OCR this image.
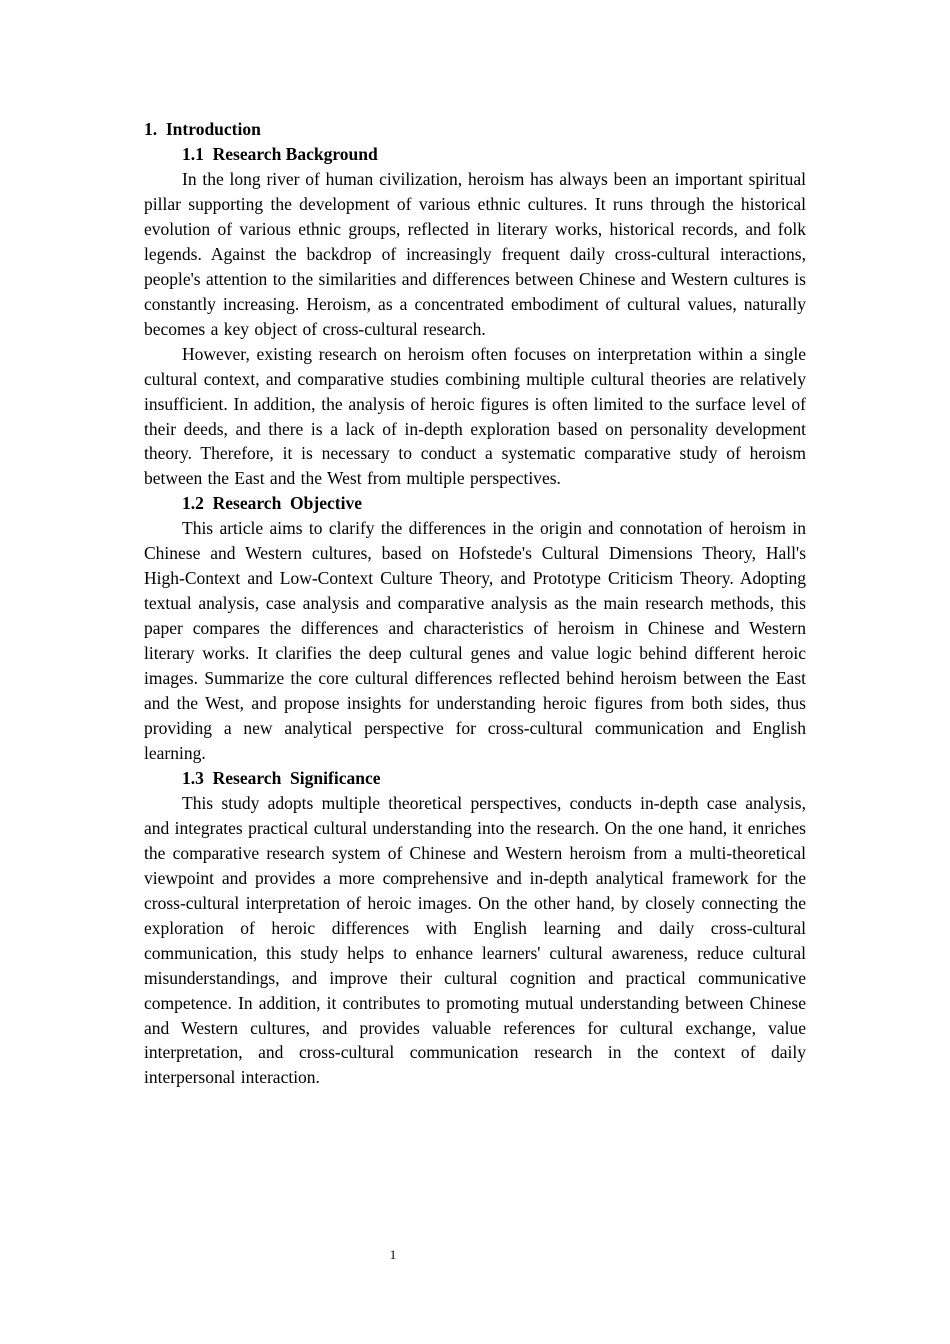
1.  Introduction

1.1  Research Background

In the long river of human civilization, heroism has always been an important spiritual pillar supporting the development of various ethnic cultures. It runs through the historical evolution of various ethnic groups, reflected in literary works, historical records, and folk legends. Against the backdrop of increasingly frequent daily cross-cultural interactions, people's attention to the similarities and differences between Chinese and Western cultures is constantly increasing. Heroism, as a concentrated embodiment of cultural values, naturally becomes a key object of cross-cultural research.

However, existing research on heroism often focuses on interpretation within a single cultural context, and comparative studies combining multiple cultural theories are relatively insufficient. In addition, the analysis of heroic figures is often limited to the surface level of their deeds, and there is a lack of in-depth exploration based on personality development theory. Therefore, it is necessary to conduct a systematic comparative study of heroism between the East and the West from multiple perspectives.

1.2  Research  Objective

This article aims to clarify the differences in the origin and connotation of heroism in Chinese and Western cultures, based on Hofstede's Cultural Dimensions Theory, Hall's High-Context and Low-Context Culture Theory, and Prototype Criticism Theory. Adopting textual analysis, case analysis and comparative analysis as the main research methods, this paper compares the differences and characteristics of heroism in Chinese and Western literary works. It clarifies the deep cultural genes and value logic behind different heroic images. Summarize the core cultural differences reflected behind heroism between the East and the West, and propose insights for understanding heroic figures from both sides, thus providing a new analytical perspective for cross-cultural communication and English learning.

1.3  Research  Significance

This study adopts multiple theoretical perspectives, conducts in-depth case analysis, and integrates practical cultural understanding into the research. On the one hand, it enriches the comparative research system of Chinese and Western heroism from a multi-theoretical viewpoint and provides a more comprehensive and in-depth analytical framework for the cross-cultural interpretation of heroic images. On the other hand, by closely connecting the exploration of heroic differences with English learning and daily cross-cultural communication, this study helps to enhance learners' cultural awareness, reduce cultural misunderstandings, and improve their cultural cognition and practical communicative competence. In addition, it contributes to promoting mutual understanding between Chinese and Western cultures, and provides valuable references for cultural exchange, value interpretation, and cross-cultural communication research in the context of daily interpersonal interaction.

1
